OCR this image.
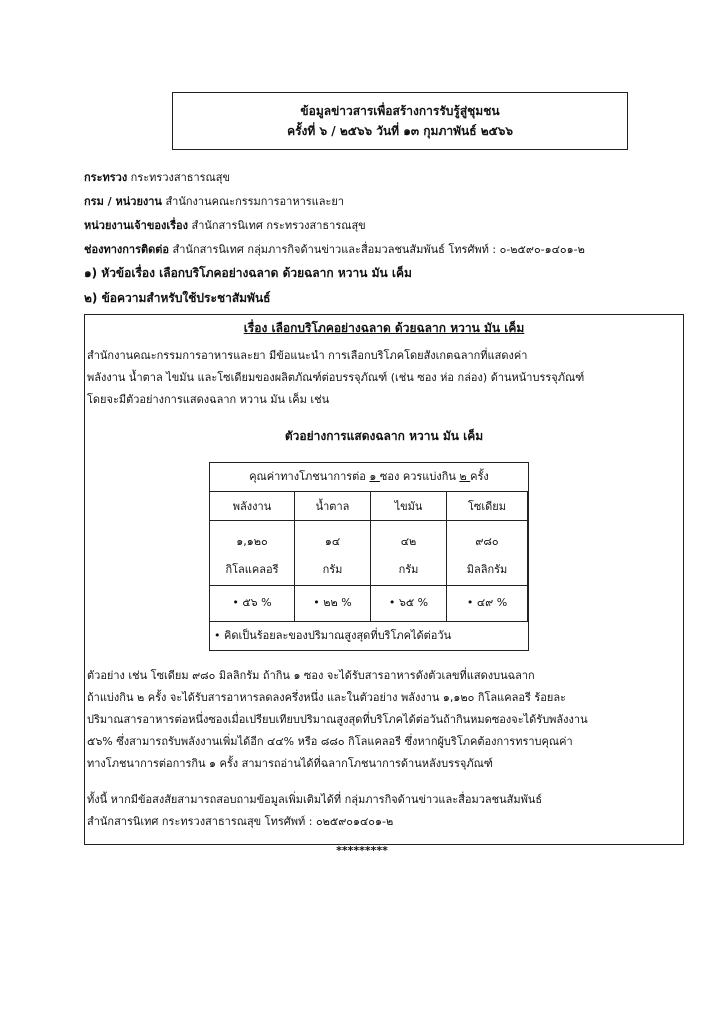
ข้อมูลข่าวสารเพื่อสร้างการรับรู้สู่ชุมชน
ครั้งที่ ๖ / ๒๕๖๖ วันที่ ๑๓ กุมภาพันธ์ ๒๕๖๖
กระทรวง กระทรวงสาธารณสุข
กรม / หน่วยงาน สำนักงานคณะกรรมการอาหารและยา
หน่วยงานเจ้าของเรื่อง สำนักสารนิเทศ กระทรวงสาธารณสุข
ช่องทางการติดต่อ สำนักสารนิเทศ กลุ่มภารกิจด้านข่าวและสื่อมวลชนสัมพันธ์ โทรศัพท์ : ๐-๒๕๙๐-๑๔๐๑-๒
๑) หัวข้อเรื่อง เลือกบริโภคอย่างฉลาด ด้วยฉลาก หวาน มัน เค็ม
๒) ข้อความสำหรับใช้ประชาสัมพันธ์
เรื่อง เลือกบริโภคอย่างฉลาด ด้วยฉลาก หวาน มัน เค็ม
สำนักงานคณะกรรมการอาหารและยา มีข้อแนะนำ การเลือกบริโภคโดยสังเกตฉลากที่แสดงค่า
พลังงาน น้ำตาล ไขมัน และโซเดียมของผลิตภัณฑ์ต่อบรรจุภัณฑ์ (เช่น ซอง ห่อ กล่อง) ด้านหน้าบรรจุภัณฑ์
โดยจะมีตัวอย่างการแสดงฉลาก หวาน มัน เค็ม เช่น
ตัวอย่างการแสดงฉลาก หวาน มัน เค็ม
คุณค่าทางโภชนาการต่อ ๑ ซอง ควรแบ่งกิน ๒ ครั้ง
พลังงาน
๑,๑๒๐
กิโลแคลอรี
• ๕๖ %
น้ำตาล
๑๔
กรัม
• ๒๒ %
ไขมัน
๔๒
กรัม
• ๖๕ %
โซเดียม
๙๘๐
มิลลิกรัม
• ๔๙ %
• คิดเป็นร้อยละของปริมาณสูงสุดที่บริโภคได้ต่อวัน
ตัวอย่าง เช่น โซเดียม ๙๘๐ มิลลิกรัม ถ้ากิน ๑ ซอง จะได้รับสารอาหารดังตัวเลขที่แสดงบนฉลาก
ถ้าแบ่งกิน ๒ ครั้ง จะได้รับสารอาหารลดลงครึ่งหนึ่ง และในตัวอย่าง พลังงาน ๑,๑๒๐ กิโลแคลอรี ร้อยละ
ปริมาณสารอาหารต่อหนึ่งซองเมื่อเปรียบเทียบปริมาณสูงสุดที่บริโภคได้ต่อวันถ้ากินหมดซองจะได้รับพลังงาน
๕๖% ซึ่งสามารถรับพลังงานเพิ่มได้อีก ๔๔% หรือ ๘๘๐ กิโลแคลอรี ซึ่งหากผู้บริโภคต้องการทราบคุณค่า
ทางโภชนาการต่อการกิน ๑ ครั้ง สามารถอ่านได้ที่ฉลากโภชนาการด้านหลังบรรจุภัณฑ์
ทั้งนี้ หากมีข้อสงสัยสามารถสอบถามข้อมูลเพิ่มเติมได้ที่ กลุ่มภารกิจด้านข่าวและสื่อมวลชนสัมพันธ์
สำนักสารนิเทศ กระทรวงสาธารณสุข โทรศัพท์ : ๐๒๕๙๐๑๔๐๑-๒
*********
